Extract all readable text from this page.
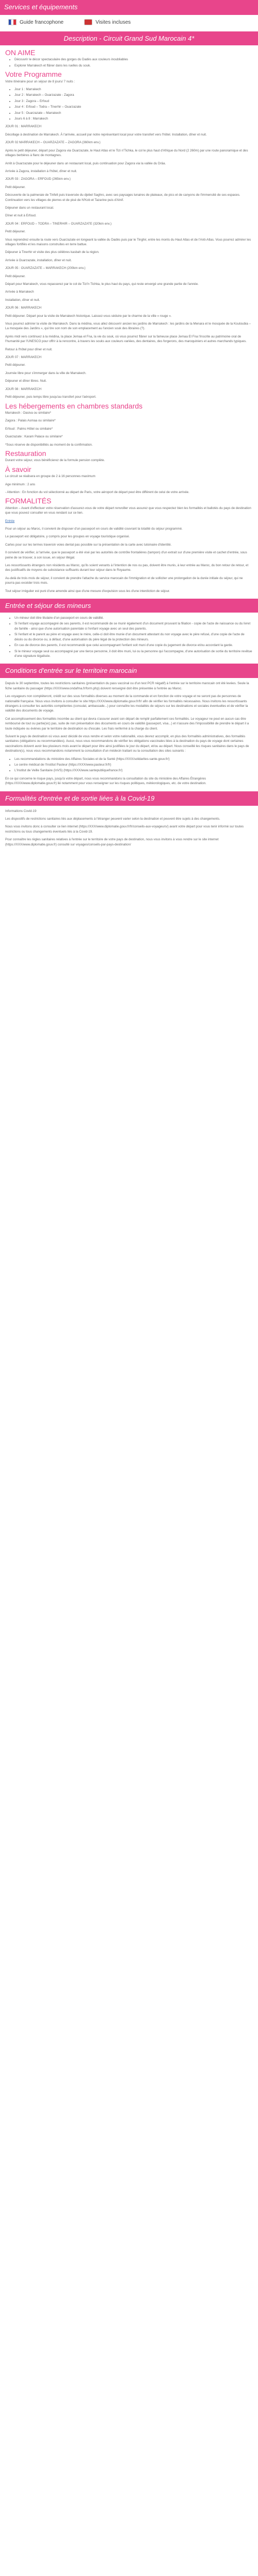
Services et équipements
Guide francophone	Visites incluses
Description - Circuit Grand Sud Marocain 4*
ON AIME
• Découvrir le décor spectaculaire des gorges du Dadès aux couleurs inoubliables
• Explorer Marrakech et flâner dans les ruelles du souk.
Votre Programme

Votre itinéraire pour un séjour de 8 jours/ 7 nuits :

• Jour 1 : Marrakech
• Jour 2 : Marrakech – Ouarzazate - Zagora
• Jour 3 : Zagora – Erfoud
• Jour 4 : Erfoud – Todra – Tinerhir – Ouarzazate
• Jour 5 : Ouarzazate – Marrakech
• Jours 6 à 8 : Marrakech

JOUR 01 : MARRAKECH

Décollage à destination de Marrakech. À l'arrivée, accueil par notre représentant local pour votre transfert vers l'hôtel. Installation, dîner et nuit.

JOUR 02 MARRAKECH – OUARZAZATE – ZAGORA (360km env.)

Après le petit déjeuner, départ pour Zagora via Ouarzazate, le Haut Atlas et le Tizi n'Tichka, le col le plus haut d'Afrique du Nord (2 260m) par une route panoramique et des villages berbères à flanc de montagnes.

Arrêt à Ouarzazate pour le déjeuner dans un restaurant local, puis continuation pour Zagora via la vallée du Drâa.

Arrivée à Zagora, installation à l'hôtel, dîner et nuit.

JOUR 03 : ZAGORA – ERFOUD (265km env.)

Petit déjeuner.

Découverte de la palmeraie de Tinfelt puis traversée du djebel Saghro, avec ses paysages lunaires de plateaux, de pics et de canyons de l'immensité de ses espaces. Continuation vers les villages de pierres et de pisé de N'Kob et Tazarine puis d'Alnif.

Déjeuner dans un restaurant local.

Dîner et nuit à Erfoud.

JOUR 04 : ERFOUD – TODRA – TINERHIR – OUARZAZATE (320km env.)

Petit déjeuner.

Vous reprendrez ensuite la route vers Ouarzazate en longeant la vallée du Dadès puis par le Tinghir, entre les monts du Haut Atlas et de l'Anti-Atlas. Vous pourrez admirer les villages fortifiés et les maisons construites en terre battue.

Déjeuner à Tinerhir et visite des plus célèbres kasbah de la région.

Arrivée à Ouarzazate, installation, dîner et nuit.

JOUR 05 : OUARZAZATE – MARRAKECH (200km env.)

Petit déjeuner.

Départ pour Marrakech, vous repasserez par le col de Tizi'n Tichka, le plus haut du pays, qui reste envergé une grande partie de l'année.

Arrivée à Marrakech

Installation, dîner et nuit.

JOUR 06 : MARRAKECH

Petit déjeuner. Départ pour la visite de Marrakech historique. Laissez-vous séduire par le charme de la ville « rouge ».

Vous pourrez admirer la visite de Marrakech. Dans la médina, vous allez découvrir ancien les jardins de Marrakech : les jardins de la Menara et le mosquée de la Koutoubia – La mosquée des Jardins », qui tire son nom de son emplacement au l'ancien souk des libraires (?).

Après midi vers continuez à la médina, la place Jemaa el Fna, la vie du souk, où vous pourrez flâner sur la fameuse place Jemaa El Fna l'inscrite au patrimoine oral de l'humanité par l'UNESCO pour offrir à la rencontre, à travers les souks aux couleurs variées, des dentaires, des forgerons, des maroquiniers et autres marchands typiques.

Retour à l'hôtel pour dîner et nuit.

JOUR 07 : MARRAKECH

Petit déjeuner.

Journée libre pour s'immerger dans la ville de Marrakech.

Déjeuner et dîner libres. Nuit.

JOUR 08 : MARRAKECH

Petit déjeuner, puis temps libre jusqu'au transfert pour l'aéroport.

Les hébergements en chambres standards

Marrakech : Oasiva ou similaire*

Zagora : Palais Asmaa ou similaire*

Erfoud : Palms Hôtel ou similaire*

Ouarzazate : Karam Palace ou similaire*

*Sous réserve de disponibilités au moment de la confirmation.

Restauration

Durant votre séjour, vous bénéficierez de la formule pension complète.

À savoir

Le circuit se réalisera en groupe de 2 à 16 personnes maximum

Age minimum : 2 ans

- Attention : En fonction du vol sélectionné au départ de Paris, votre aéroport de départ peut être différent de celui de votre arrivée.

FORMALITÉS

Attention – Avant d'effectuer votre réservation d'assurez-vous de votre départ renvoiller vous assurez que vous respectez bien les formalités et ballotés du pays de destination que vous pouvez consulter en vous rendant sur ce lien.

Entrée

Pour un séjour au Maroc, il convient de disposer d'un passeport en cours de validité couvrant la totalité du séjour programmé.

Le passeport est obligatoire, y compris pour les groupes en voyage touristique organisé.

Cartes pour sur les termes traversin voies dental pas possible sur la présentation de la carte avec tutoinaire d'identité.

Il convient de vérifier, à l'arrivée, que le passeport a été visé par les autorités de contrôle frontalières (tampon) d'un extrait sur d'une première visite et cachet d'entrée, sous peine de se trouver, à son issue, en séjour illégal.

Les ressortissants étrangers non résidents au Maroc, qu'ils soient venants à l'intention de nos ou pas, doivent être munis, à leur entrée au Maroc, du bon retour de retour, et des justificatifs de moyens de subsistance suffisants durant leur séjour dans le Royaume.

Au-delà de trois mois de séjour, il convient de prendre l'attache du service marocain de l'immigration et de solliciter une prolongation de la durée initiale du séjour, qui ne pourra pas excéder trois mois.

Tout séjour irrégulier est puni d'une amende ainsi que d'une mesure d'expulsion sous les d'une interdiction de séjour.

Entrée et séjour des mineurs
• Un mineur doit être titulaire d'un passeport en cours de validité.
• Si l'enfant voyage accompagné de ses parents, il est recommandé de se munir également d'un document prouvant la filiation - copie de l'acte de naissance ou du livret de famille - ainsi que d'une autorisation parentale si l'enfant voyage avec un seul des parents.
• Si l'enfant et le parent au père et voyage avec le mère, celle-ci doit être munie d'un document attestant du non voyage avec le père refusé, d'une copie de l'acte de décès ou du divorce ou, à défaut, d'une autorisation du père légal de la protection des mineurs.
• En cas de divorce des parents, il est recommandé que celui accompagnant l'enfant soit muni d'une copie du jugement de divorce et/ou accordant la garde.
• Si le mineur voyage seul ou accompagné par une tierce personne, il doit être muni, lui ou la personne qui l'accompagne, d'une autorisation de sortie du territoire revêtue d'une signature légalisée.
Conditions d'entrée sur le territoire marocain

Depuis le 30 septembre, toutes les restrictions sanitaires (présentation du pass vaccinal ou d'un test PCR négatif) à l'entrée sur le territoire marocain ont été levées. Seule la fiche sanitaire du passager (https://XXX/www.ondafma.fr/form.php) doivent renseigné doit être présentée à l'entrée au Maroc.

Les voyageurs non compléteront, crédit sur des sous formalités diverses au moment de la commande et en fonction de votre voyage et ne seront pas de personnes de nationalité française. Nous vous invitons à consulter le site https://XXX/www.diplomatie.gouv.fr/fr/ afin de vérifier les formalités nécessaires. Nous invitons les ressortissants étrangers à consulter les autorités compétentes (consulat, ambassade...) pour connaître les modalités de séjours sur les destinations et sociales éventuelles et de vérifier la validité des documents de voyage.

Cet accomplissement des formalités incombe au client qui devra s'assurer avant son départ de remplir parfaitement ces formalités. Le voyageur ne peut en aucun cas être remboursé de tout ou partie(sic) pas, suite de non présentation des documents en cours de validité (passeport, visa...) et n'assure des l'impossibilité de prendre le départ il a toute indiquée ou évènes par le territoire de destination ou d'escale. Les frais renfermé à la charge du client.

Suivant le pays de destination où vous avez décidé de vous rendre et selon votre nationalité, vous devrez accomplir, en plus des formalités administratives, des formalités sanitaires (obligations ou recommandées). Aussi, nous vous recommandons de vérifier les obligations vaccinales liées à la destination du pays de voyage dont certaines vaccinations doivent avoir lieu plusieurs mois avant le départ pour être ainsi justifiées le jour du départ, et/ou au départ. Nous conseillé les risques sanitaires dans le pays de destination(s), nous vous recommandons notamment la consultation d'un médecin traitant ou la consultation des sites suivants :

• Les recommandations du ministère des Affaires Sociales et de la Santé (https://XXX/solidarites-sante.gouv.fr/)
• Le centre médical de l'Institut Pasteur (https://XXX/www.pasteur.fr/fr)
• L'Institut de Veille Sanitaire (InVS) (https://XXX/www.santepubliquefrance.fr/)

En ce qui concerne le risque pays, jusqu'à votre départ, nous vous recommandons la consultation du site du ministère des Affaires Étrangères (https://XXX/www.diplomatie.gouv.fr) lié notamment pour vous renseigner sur les risques politiques, météorologiques, etc. de votre destination.

Formalités d'entrée et de sortie liées à la Covid-19

Informations Covid-19

Les dispositifs de restrictions sanitaires liés aux déplacements à l'étranger peuvent varier selon la destination et peuvent être sujets à des changements.

Nous vous invitons donc à consulter ce lien internet (https://XXX/www.diplomatie.gouv.fr/fr/conseils-aux-voyageurs/) avant votre départ pour vous tenir informé sur toutes restrictions ou tous changements éventuels liés à la Covid-19.

Pour connaître les règles sanitaires relatives à l'entrée sur le territoire de votre pays de destination, nous vous invitons à vous rendre sur le site internet (https://XXX/www.diplomatie.gouv.fr) consulté sur voyages/conseils-par-pays-destination/
